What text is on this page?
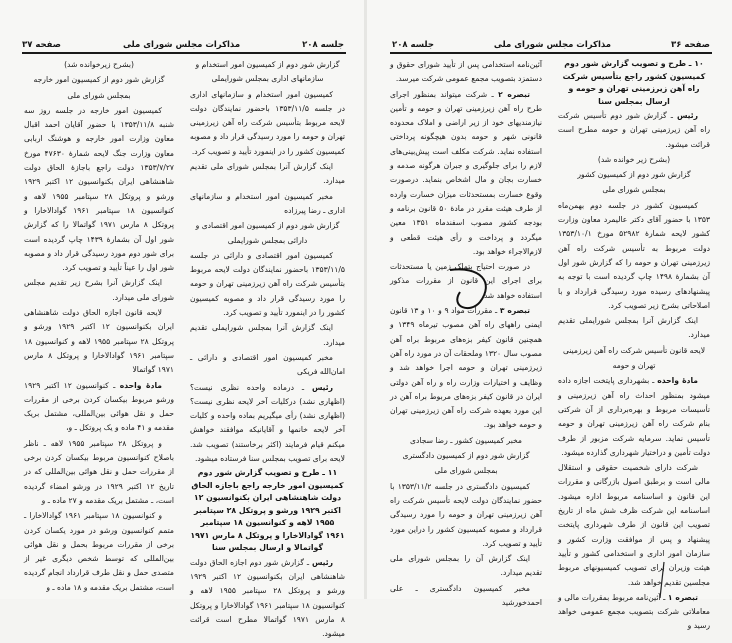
جلسه ۲۰۸
مذاکرات مجلس شورای ملی
صفحه ۳۷	صفحه ۳۶
مذاکرات مجلس شورای ملی
جلسه ۲۰۸

(بشرح زیرخوانده شد)

گزارش شور دوم از کمیسیون امور خارجه

بمجلس شورای ملی

کمیسیون امور خارجه در جلسه روز سه شنبه ۱۳۵۳/۱۱/۸ با حضور آقایان احمد اقبال معاون وزارت امور خارجه و هوشنگ اربابی معاون وزارت جنگ لایحه شمارهٔ ۴۷۶۳۰ مورخ ۱۳۵۳/۷/۲۷ دولت راجع باجازهٔ الحاق دولت شاهنشاهی ایران بکنوانسیون ۱۲ اکتبر ۱۹۲۹ ورشو و پروتکل ۲۸ سپتامبر ۱۹۵۵ لاهه و کنوانسیون ۱۸ سپتامبر ۱۹۶۱ گوادالاخارا و پروتکل ۸ مارس ۱۹۷۱ گواتمالا را که گزارش شور اول آن بشمارهٔ ۱۴۳۹ چاپ گردیده است برای شور دوم مورد رسیدگی قرار داد و مصوبه شور اول را عیناً تأیید و تصویب کرد.

اینک گزارش آنرا بشرح زیر تقدیم مجلس شورای ملی میدارد.

لایحه قانون اجازه الحاق دولت شاهنشاهی ایران بکنوانسیون ۱۲ اکتبر ۱۹۲۹ ورشو و پروتکل ۲۸ سپتامبر ۱۹۵۵ لاهه و کنوانسیون ۱۸ سپتامبر ۱۹۶۱ گوادالاخارا و پروتکل ۸ مارس ۱۹۷۱ گواتمالا

مادهٔ واحده ـ کنوانسیون ۱۲ اکتبر ۱۹۲۹ ورشو مربوط بیکسان کردن برخی از مقررات حمل و نقل هوائی بین‌المللی، مشتمل بریک مقدمه و ۴۱ ماده و یک پروتکل ـ و،

و پروتکل ۲۸ سپتامبر ۱۹۵۵ لاهه ـ ناظر باصلاح کنوانسیون مربوط بیکسان کردن برخی از مقررات حمل و نقل هوائی بین‌المللی که در تاریخ ۱۲ اکتبر ۱۹۲۹ در ورشو امضاء گردیده است، ـ مشتمل بریک مقدمه و ۲۷ ماده ـ و

و کنوانسیون ۱۸ سپتامبر ۱۹۶۱ گوادالاخارا ـ متمم کنوانسیون ورشو در مورد یکسان کردن برخی از مقررات مربوط بحمل و نقل هوائی بین‌المللی که توسط شخص دیگری غیر از متصدی حمل و نقل طرف قرارداد انجام گردیده است، مشتمل بریک مقدمه و ۱۸ ماده ـ و

گزارش شور دوم از کمیسیون امور استخدام و سازمانهای اداری بمجلس شورایملی

کمیسیون امور استخدام و سازمانهای اداری در جلسه ۱۳۵۳/۱۱/۵ باحضور نمایندگان دولت لایحه مربوط بتأسیس شرکت راه آهن زیرزمینی تهران و حومه را مورد رسیدگی قرار داد و مصوبه کمیسیون کشور را در اینمورد تأیید و تصویب کرد.

اینک گزارش آنرا بمجلس شورای ملی تقدیم میدارد.

مخبر کمیسیون امور استخدام و سازمانهای اداری ـ رضا پیرزاده

گزارش شور دوم از کمیسیون امور اقتصادی و دارائی بمجلس شورایملی

کمیسیون امور اقتصادی و دارائی در جلسه ۱۳۵۳/۱۱/۵ باحضور نمایندگان دولت لایحه مربوط بتأسیس شرکت راه آهن زیرزمینی تهران و حومه را مورد رسیدگی قرار داد و مصوبه کمیسیون کشور را در اینمورد تأیید و تصویب کرد.

اینک گزارش آنرا بمجلس شورایملی تقدیم میدارد.

مخبر کمیسیون امور اقتصادی و دارائی ـ امان‌الله فریکی

رئیس ـ درماده واحده نظری نیست؟ (اظهاری نشد) درکلیات آخر لایحه نظری نیست؟ (اظهاری نشد) رأی میگیریم بماده واحده و کلیات آخر لایحه خانمها و آقایانیکه موافقند خواهش میکنم قیام فرمایند (اکثر برخاستند) تصویب شد. لایحه برای تصویب بمجلس سنا فرستاده میشود.

۱۱ ـ طرح و تصویب گزارش شور دوم کمیسیون امور خارجه راجع باجازه الحاق دولت شاهنشاهی ایران بکنوانسیون ۱۲ اکتبر ۱۹۲۹ ورشو و پروتکل ۲۸ سپتامبر ۱۹۵۵ لاهه و کنوانسیون ۱۸ سپتامبر ۱۹۶۱ گوادالاخارا و پروتکل ۸ مارس ۱۹۷۱ گواتمالا و ارسال بمجلس سنا

رئیس ـ گزارش شور دوم اجازه الحاق دولت شاهنشاهی ایران بکنوانسیون ۱۲ اکتبر ۱۹۲۹ ورشو و پروتکل ۲۸ سپتامبر ۱۹۵۵ لاهه و کنوانسیون ۱۸ سپتامبر ۱۹۶۱ گوادالاخارا و پروتکل ۸ مارس ۱۹۷۱ گواتمالا مطرح است قرائت میشود.

آئین‌نامه استخدامی پس از تأیید شورای حقوق و دستمزد بتصویب مجمع عمومی شرکت میرسد.

تبصره ۲ ـ شرکت میتواند بمنظور اجرای طرح راه آهن زیرزمینی تهران و حومه و تأمین نیازمندیهای خود از زیر اراضی و املاک محدوده قانونی شهر و حومه بدون هیچگونه پرداختی استفاده نماید. شرکت مکلف است پیش‌بینی‌های لازم را برای جلوگیری و جبران هرگونه صدمه و خسارت بجان و مال اشخاص بنماید. درصورت وقوع خسارت بمستحدثات میزان خسارت وارده از طرف هیئت مقرر در مادهٔ ۵۰ قانون برنامه و بودجه کشور مصوب اسفندماه ۱۳۵۱ معین میگردد و پرداخت و رأی هیئت قطعی و لازم‌الاجراء خواهد بود.

در صورت احتیاج بتملک زمین یا مستحدثات برای اجرای این قانون از مقررات مذکور استفاده خواهد شد.

تبصره ۳ ـ مقررات مواد ۹ و ۱۰ و ۱۳ قانون ایمنی راههای راه آهن مصوب تیرماه ۱۳۴۹ و همچنین قانون کیفر بزه‌های مربوط براه آهن مصوب سال ۱۳۲۰ وملحقات آن در مورد راه آهن زیرزمینی تهران و حومه اجرا خواهد شد و وظایف و اختیارات وزارت راه و راه آهن دولتی ایران در قانون کیفر بزه‌های مربوط براه آهن در این مورد بعهده شرکت راه آهن زیرزمینی تهران و حومه خواهد بود.

مخبر کمیسیون کشور ـ رضا سجادی

گزارش شور دوم از کمیسیون دادگستری

بمجلس شورای ملی

کمیسیون دادگستری در جلسه ۱۳۵۳/۱۱/۲ با حضور نمایندگان دولت لایحه تأسیس شرکت راه آهن زیرزمینی تهران و حومه را مورد رسیدگی قرارداد و مصوبه کمیسیون کشور را دراین مورد تأیید و تصویب کرد.

اینک گزارش آن را بمجلس شورای ملی تقدیم میدارد.

مخبر کمیسیون دادگستری ـ علی احمدخورشید

۱۰ ـ طرح و تصویب گزارش شور دوم کمیسیون کشور راجع بتأسیس شرکت راه آهن زیرزمینی تهران و حومه و ارسال بمجلس سنا

رئیس ـ گزارش شور دوم تأسیس شرکت راه آهن زیرزمینی تهران و حومه مطرح است قرائت میشود.

(بشرح زیر خوانده شد)

گزارش شور دوم از کمیسیون کشور

بمجلس شورای ملی

کمیسیون کشور در جلسه دوم بهمن‌ماه ۱۳۵۳ با حضور آقای دکتر عالیمرد معاون وزارت کشور لایحه شمارهٔ ۵۲۹۸۲ مورخ ۱۳۵۳/۱۰/۱ دولت مربوط به تأسیس شرکت راه آهن زیرزمینی تهران و حومه را که گزارش شور اول آن بشمارهٔ ۱۴۹۸ چاپ گردیده است با توجه به پیشنهادهای رسیده مورد رسیدگی قرارداد و با اصلاحاتی بشرح زیر تصویب کرد.

اینک گزارش آنرا بمجلس شورایملی تقدیم میدارد.

لایحه قانون تأسیس شرکت راه آهن زیرزمینی

تهران و حومه

مادهٔ واحده ـ بشهرداری پایتخت اجازه داده میشود بمنظور احداث راه آهن زیرزمینی و تأسیسات مربوط و بهره‌برداری از آن شرکتی بنام شرکت راه آهن زیرزمینی تهران و حومه تأسیس نماید. سرمایه شرکت مزبور از طرف دولت تأمین و دراختیار شهرداری گذارده میشود.

شرکت دارای شخصیت حقوقی و استقلال مالی است و برطبق اصول بازرگانی و مقررات این قانون و اساسنامه مربوط اداره میشود. اساسنامه این شرکت ظرف شش ماه از تاریخ تصویب این قانون از طرف شهرداری پایتخت پیشنهاد و پس از موافقت وزارت کشور و سازمان امور اداری و استخدامی کشور و تأیید هیئت وزیران برای تصویب کمیسیونهای مربوط مجلسین تقدیم خواهد شد.

تبصره ۱ ـ آئین‌نامه مربوط بمقررات مالی و معاملاتی شرکت بتصویب مجمع عمومی خواهد رسید و
